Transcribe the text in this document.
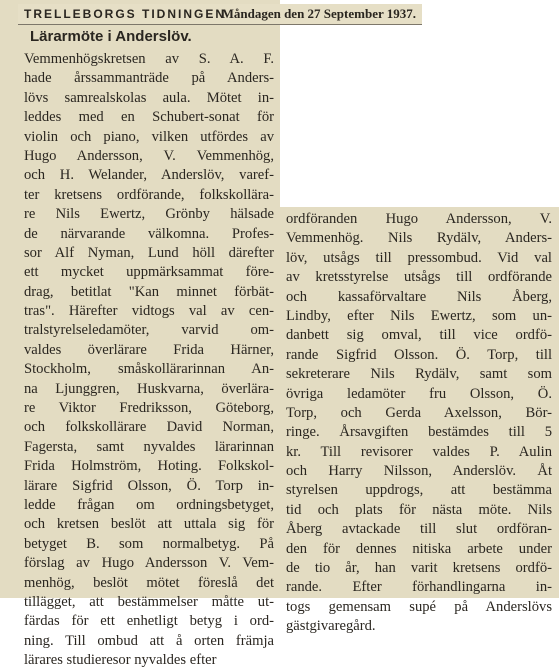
TRELLEBORGS TIDNINGEN
Måndagen den 27 September 1937.
Lärarmöte i Anderslöv.
Vemmenhögskretsen av S. A. F.
hade årssammanträde på Anders-
lövs samrealskolas aula. Mötet in-
leddes med en Schubert-sonat för
violin och piano, vilken utfördes av
Hugo Andersson, V. Vemmenhög,
och H. Welander, Anderslöv, varef-
ter kretsens ordförande, folkskollära-
re Nils Ewertz, Grönby hälsade
de närvarande välkomna. Profes-
sor Alf Nyman, Lund höll därefter
ett mycket uppmärksammat före-
drag, betitlat "Kan minnet förbät-
tras". Härefter vidtogs val av cen-
tralstyrelseledamöter, varvid om-
valdes överlärare Frida Härner,
Stockholm, småskollärarinnan An-
na Ljunggren, Huskvarna, överlära-
re Viktor Fredriksson, Göteborg,
och folkskollärare David Norman,
Fagersta, samt nyvaldes lärarinnan
Frida Holmström, Hoting. Folkskol-
lärare Sigfrid Olsson, Ö. Torp in-
ledde frågan om ordningsbetyget,
och kretsen beslöt att uttala sig för
betyget B. som normalbetyg. På
förslag av Hugo Andersson V. Vem-
menhög, beslöt mötet föreslå det
tillägget, att bestämmelser måtte ut-
färdas för ett enhetligt betyg i ord-
ning. Till ombud att å orten främja
lärares studieresor nyvaldes efter
ordföranden Hugo Andersson, V.
Vemmenhög. Nils Rydälv, Anders-
löv, utsågs till pressombud. Vid val
av kretsstyrelse utsågs till ordförande
och kassaförvaltare Nils Åberg,
Lindby, efter Nils Ewertz, som un-
danbett sig omval, till vice ordfö-
rande Sigfrid Olsson. Ö. Torp, till
sekreterare Nils Rydälv, samt som
övriga ledamöter fru Olsson, Ö.
Torp, och Gerda Axelsson, Bör-
ringe. Årsavgiften bestämdes till 5
kr. Till revisorer valdes P. Aulin
och Harry Nilsson, Anderslöv. Åt
styrelsen uppdrogs, att bestämma
tid och plats för nästa möte. Nils
Åberg avtackade till slut ordföran-
den för dennes nitiska arbete under
de tio år, han varit kretsens ordfö-
rande. Efter förhandlingarna in-
togs gemensam supé på Anderslövs
gästgivaregård.
